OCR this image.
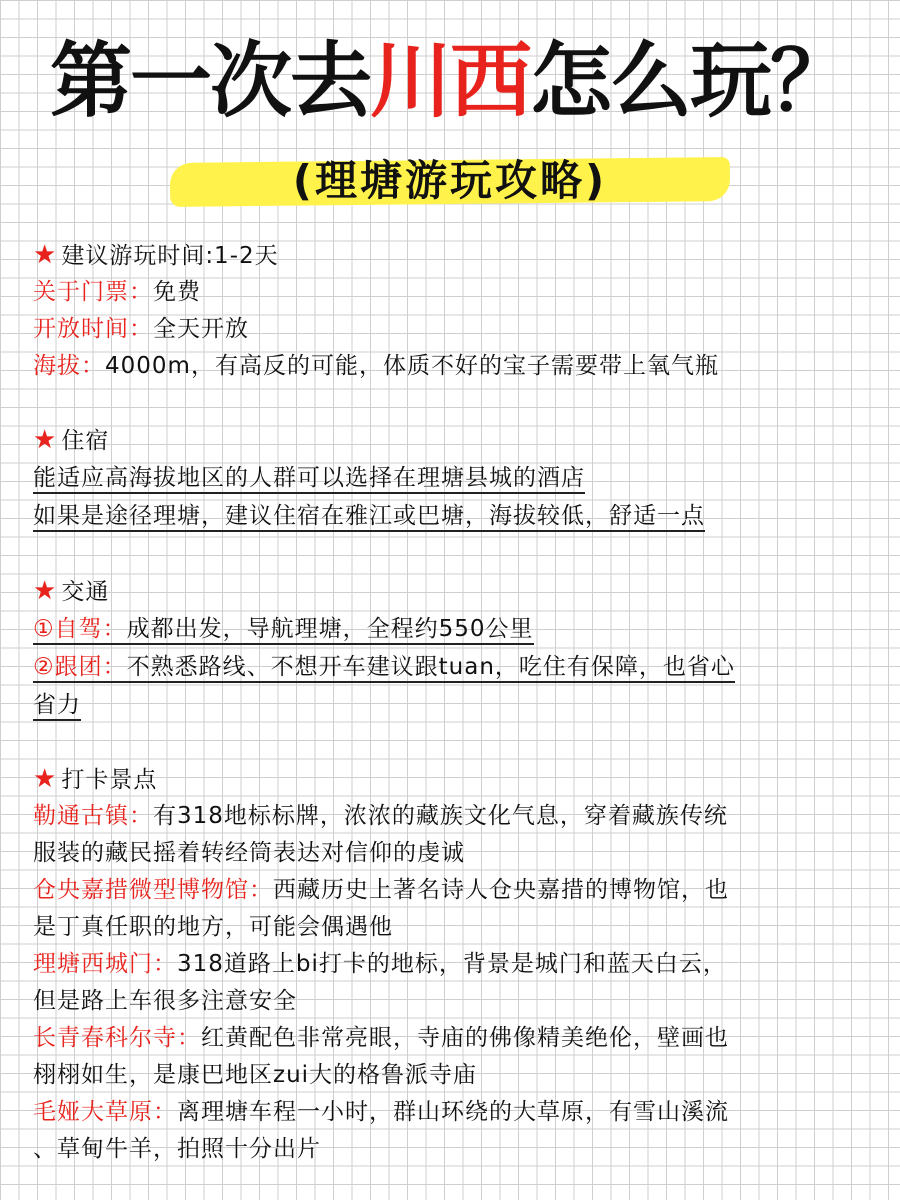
第一次去川西怎么玩？
(理塘游玩攻略)
★ 建议游玩时间:1-2天
关于门票：免费
开放时间：全天开放
海拔：4000m，有高反的可能，体质不好的宝子需要带上氧气瓶
★ 住宿
能适应高海拔地区的人群可以选择在理塘县城的酒店
如果是途径理塘，建议住宿在雅江或巴塘，海拔较低，舒适一点
★ 交通
①自驾：成都出发，导航理塘，全程约550公里
②跟团：不熟悉路线、不想开车建议跟tuan，吃住有保障，也省心
省力
★ 打卡景点
勒通古镇：有318地标标牌，浓浓的藏族文化气息，穿着藏族传统
服装的藏民摇着转经筒表达对信仰的虔诚
仓央嘉措微型博物馆：西藏历史上著名诗人仓央嘉措的博物馆，也
是丁真任职的地方，可能会偶遇他
理塘西城门：318道路上bi打卡的地标，背景是城门和蓝天白云，
但是路上车很多注意安全
长青春科尔寺：红黄配色非常亮眼，寺庙的佛像精美绝伦，壁画也
栩栩如生，是康巴地区zui大的格鲁派寺庙
毛娅大草原：离理塘车程一小时，群山环绕的大草原，有雪山溪流
、草甸牛羊，拍照十分出片
